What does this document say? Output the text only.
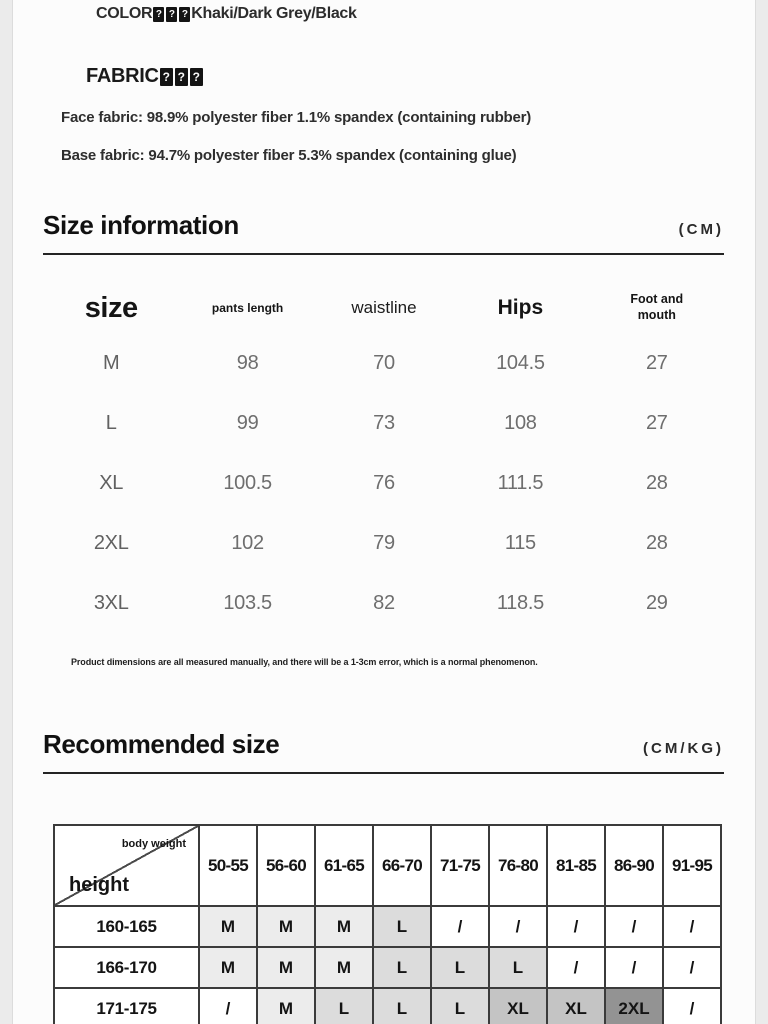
COLOR ? ? ? Khaki/Dark Grey/Black
FABRIC ? ? ?

Face fabric: 98.9% polyester fiber 1.1% spandex (containing rubber)

Base fabric: 94.7% polyester fiber 5.3% spandex (containing glue)

Size information	(CM)
size	pants length	waistline	Hips	Foot and mouth
M	98	70	104.5	27
L	99	73	108	27
XL	100.5	76	111.5	28
2XL	102	79	115	28
3XL	103.5	82	118.5	29

Product dimensions are all measured manually, and there will be a 1-3cm error, which is a normal phenomenon.

Recommended size	(CM/KG)
body weight
height	50-55	56-60	61-65	66-70	71-75	76-80	81-85	86-90	91-95
160-165	M	M	M	L	/	/	/	/	/
166-170	M	M	M	L	L	L	/	/	/
171-175	/	M	L	L	L	XL	XL	2XL	/
